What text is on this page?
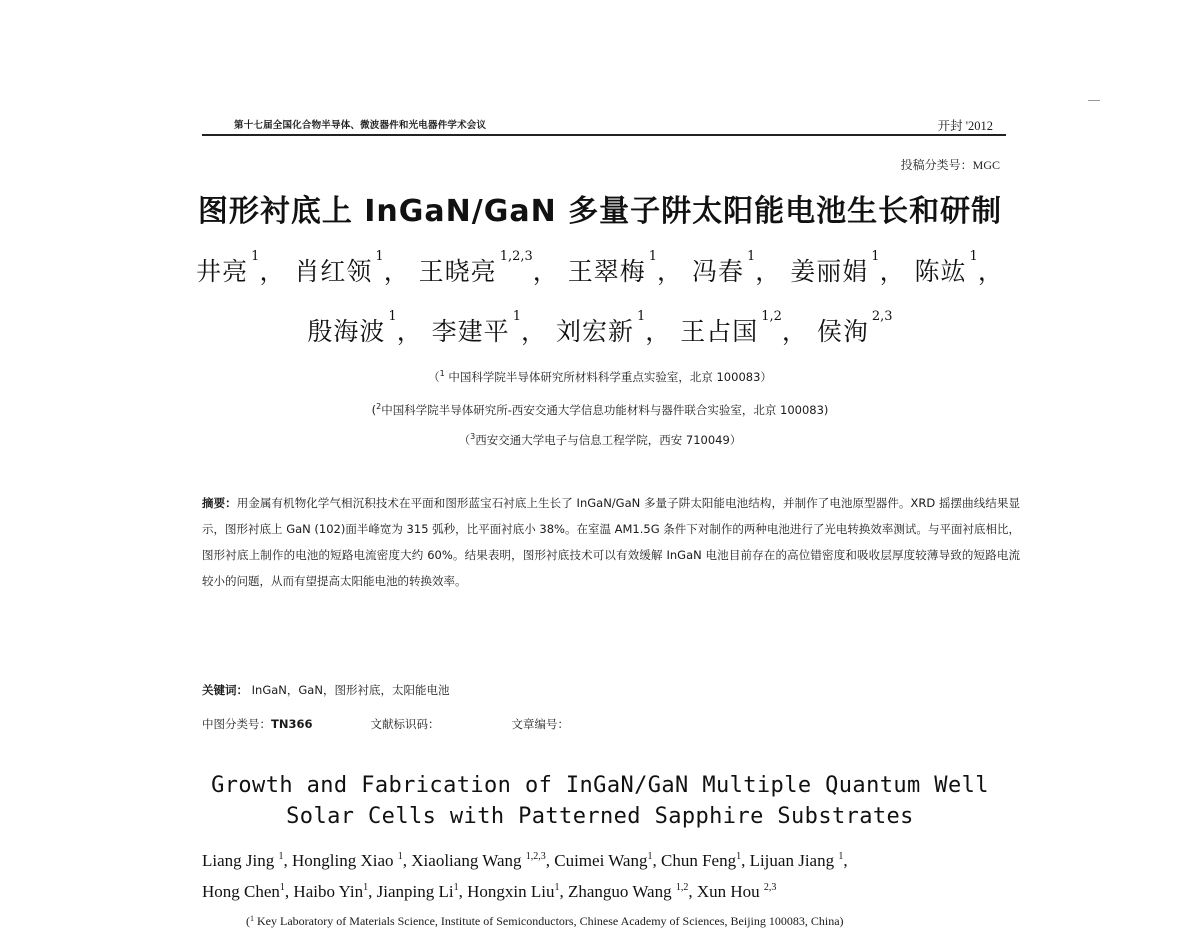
第十七届全国化合物半导体、微波器件和光电器件学术会议	开封 '2012
投稿分类号：MGC
图形衬底上 InGaN/GaN 多量子阱太阳能电池生长和研制
井亮$^1$， 肖红领$^1$， 王晓亮$^{1,2,3}$， 王翠梅$^1$， 冯春$^1$， 姜丽娟$^1$， 陈竑$^1$，
殷海波$^1$， 李建平$^1$， 刘宏新$^1$， 王占国$^{1,2}$， 侯洵$^{2,3}$
（$^1$ 中国科学院半导体研究所材料科学重点实验室，北京 100083）
($^2$中国科学院半导体研究所-西安交通大学信息功能材料与器件联合实验室，北京 100083)
（$^3$西安交通大学电子与信息工程学院，西安 710049）
摘要：用金属有机物化学气相沉积技术在平面和图形蓝宝石衬底上生长了 InGaN/GaN 多量子阱太阳能电池结构，并制作了电池原型器件。XRD 摇摆曲线结果显示，图形衬底上 GaN (102)面半峰宽为 315 弧秒，比平面衬底小 38%。在室温 AM1.5G 条件下对制作的两种电池进行了光电转换效率测试。与平面衬底相比，图形衬底上制作的电池的短路电流密度大约 60%。结果表明，图形衬底技术可以有效缓解 InGaN 电池目前存在的高位错密度和吸收层厚度较薄导致的短路电流较小的问题，从而有望提高太阳能电池的转换效率。
关键词： InGaN，GaN，图形衬底，太阳能电池
中图分类号：TN366	文献标识码：	文章编号：
Growth and Fabrication of InGaN/GaN Multiple Quantum Well
Solar Cells with Patterned Sapphire Substrates
Liang Jing $^1$, Hongling Xiao $^1$, Xiaoliang Wang $^{1,2,3}$, Cuimei Wang$^1$, Chun Feng$^1$, Lijuan Jiang $^1$,
Hong Chen$^1$, Haibo Yin$^1$, Jianping Li$^1$, Hongxin Liu$^1$, Zhanguo Wang $^{1,2}$, Xun Hou $^{2,3}$
($^1$ Key Laboratory of Materials Science, Institute of Semiconductors, Chinese Academy of Sciences, Beijing 100083, China)
